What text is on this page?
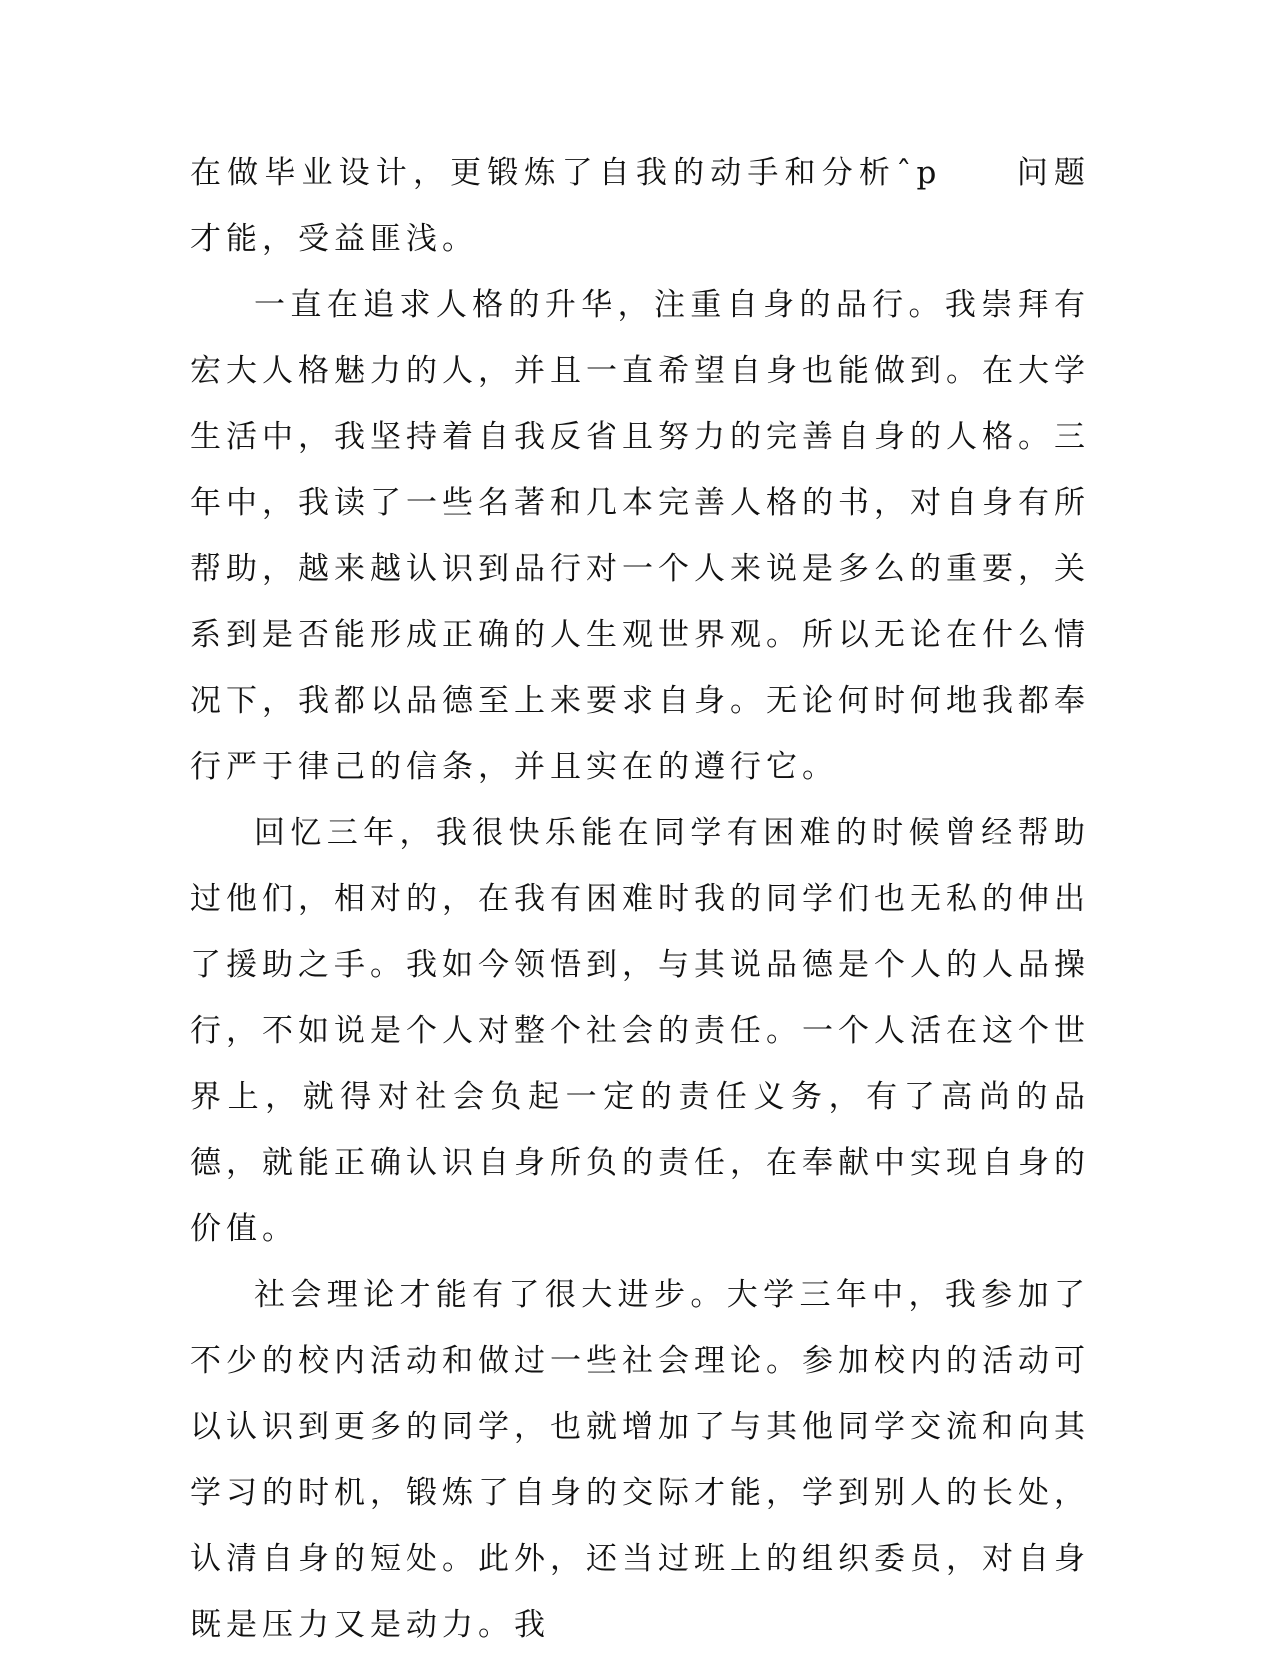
在做毕业设计，更锻炼了自我的动手和分析ˆp　　问题才能，受益匪浅。

一直在追求人格的升华，注重自身的品行。我崇拜有宏大人格魅力的人，并且一直希望自身也能做到。在大学生活中，我坚持着自我反省且努力的完善自身的人格。三年中，我读了一些名著和几本完善人格的书，对自身有所帮助，越来越认识到品行对一个人来说是多么的重要，关系到是否能形成正确的人生观世界观。所以无论在什么情况下，我都以品德至上来要求自身。无论何时何地我都奉行严于律己的信条，并且实在的遵行它。

回忆三年，我很快乐能在同学有困难的时候曾经帮助过他们，相对的，在我有困难时我的同学们也无私的伸出了援助之手。我如今领悟到，与其说品德是个人的人品操行，不如说是个人对整个社会的责任。一个人活在这个世界上，就得对社会负起一定的责任义务，有了高尚的品德，就能正确认识自身所负的责任，在奉献中实现自身的价值。

社会理论才能有了很大进步。大学三年中，我参加了不少的校内活动和做过一些社会理论。参加校内的活动可以认识到更多的同学，也就增加了与其他同学交流和向其学习的时机，锻炼了自身的交际才能，学到别人的长处，认清自身的短处。此外，还当过班上的组织委员，对自身既是压力又是动力。我
